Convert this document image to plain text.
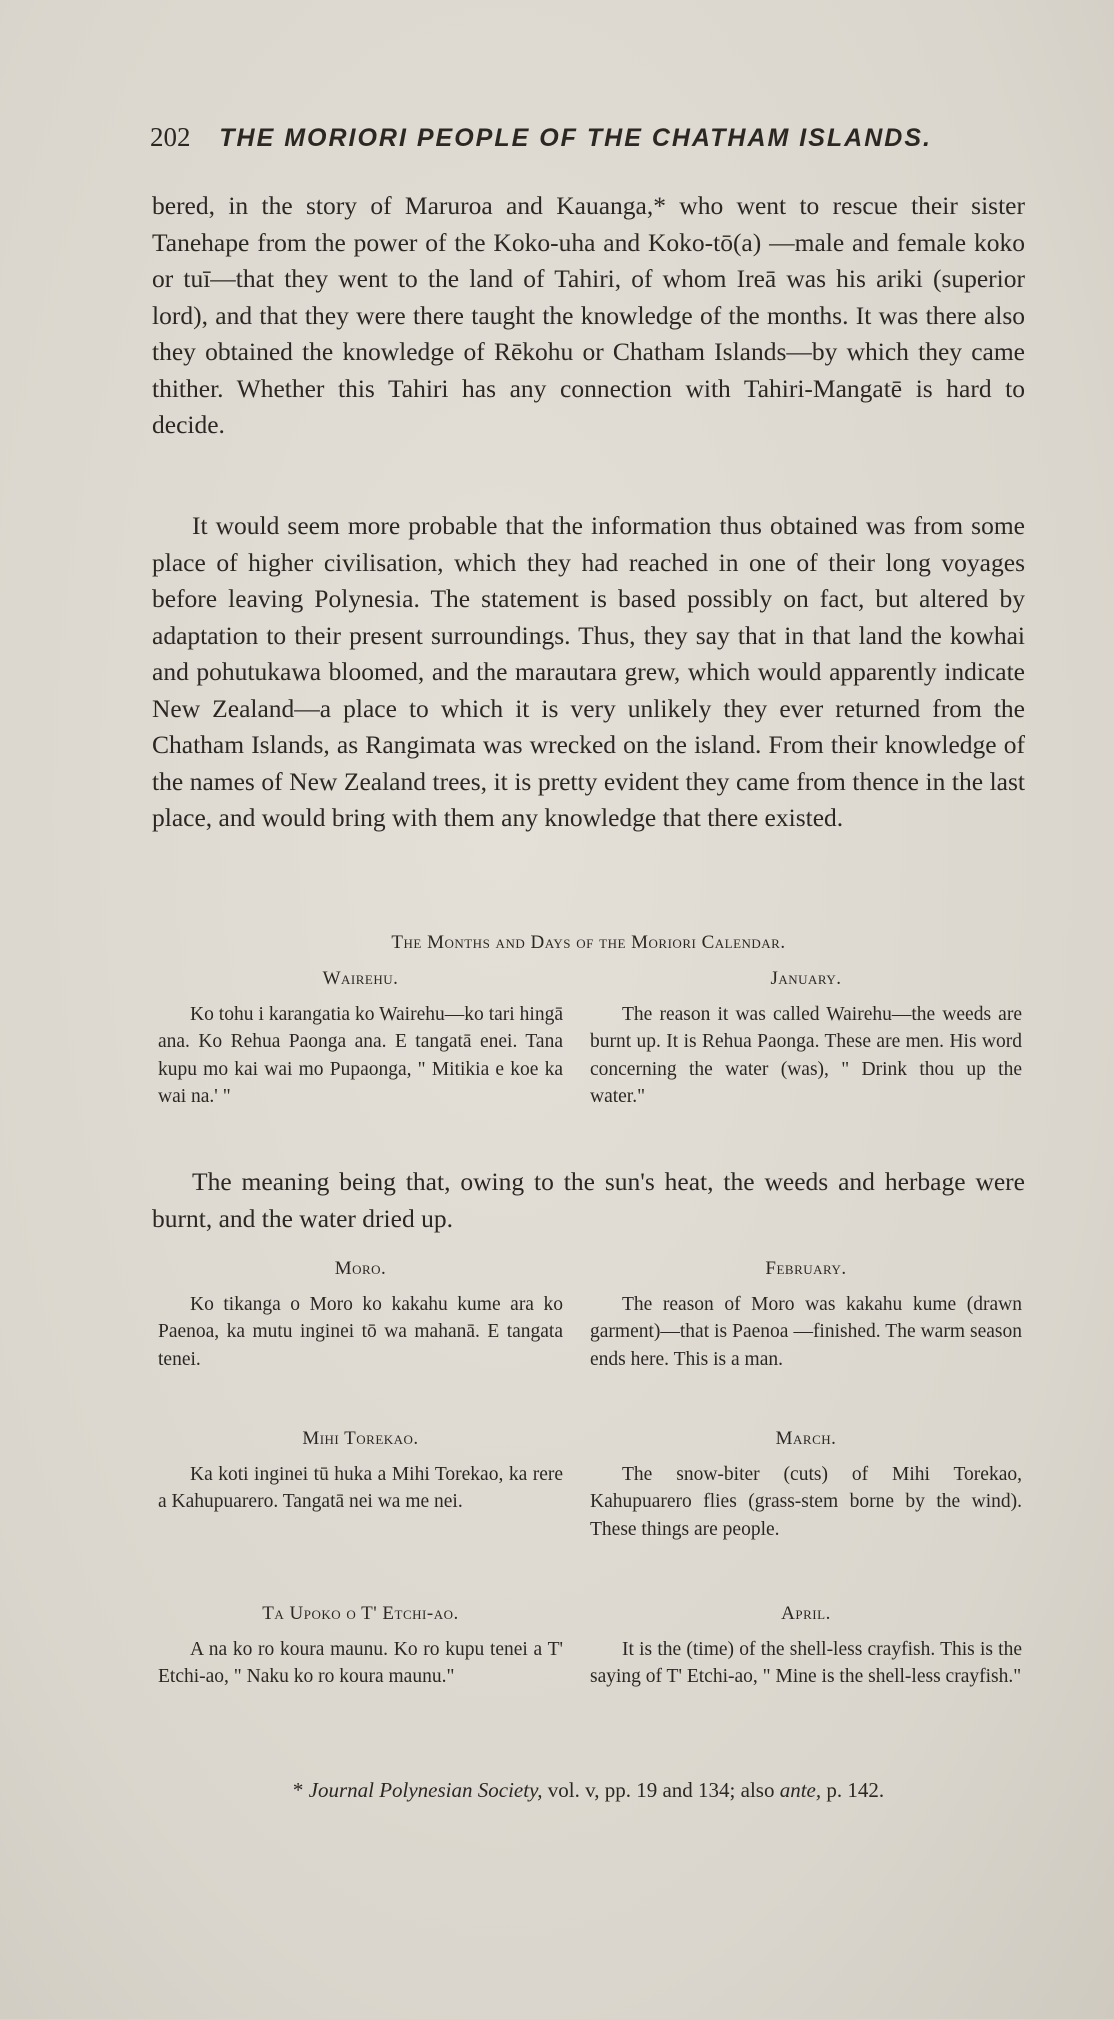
202 THE MORIORI PEOPLE OF THE CHATHAM ISLANDS.
bered, in the story of Maruroa and Kauanga,* who went to rescue their sister Tanehape from the power of the Koko-uha and Koko-tō(a) —male and female koko or tuī—that they went to the land of Tahiri, of whom Ireā was his ariki (superior lord), and that they were there taught the knowledge of the months. It was there also they obtained the knowledge of Rēkohu or Chatham Islands—by which they came thither. Whether this Tahiri has any connection with Tahiri-Mangatē is hard to decide.
It would seem more probable that the information thus obtained was from some place of higher civilisation, which they had reached in one of their long voyages before leaving Polynesia. The statement is based possibly on fact, but altered by adaptation to their present surroundings. Thus, they say that in that land the kowhai and pohutukawa bloomed, and the marautara grew, which would apparently indicate New Zealand—a place to which it is very unlikely they ever returned from the Chatham Islands, as Rangimata was wrecked on the island. From their knowledge of the names of New Zealand trees, it is pretty evident they came from thence in the last place, and would bring with them any knowledge that there existed.
The Months and Days of the Moriori Calendar.
Wairehu.
Ko tohu i karangatia ko Wairehu—ko tari hingā ana. Ko Rehua Paonga ana. E tangatā enei. Tana kupu mo kai wai mo Pupaonga, " Mitikia e koe ka wai na.' "
January.
The reason it was called Wairehu—the weeds are burnt up. It is Rehua Paonga. These are men. His word concerning the water (was), " Drink thou up the water."
The meaning being that, owing to the sun's heat, the weeds and herbage were burnt, and the water dried up.
Moro.
Ko tikanga o Moro ko kakahu kume ara ko Paenoa, ka mutu inginei tō wa mahanā. E tangata tenei.
February.
The reason of Moro was kakahu kume (drawn garment)—that is Paenoa —finished. The warm season ends here. This is a man.
Mihi Torekao.
Ka koti inginei tū huka a Mihi Torekao, ka rere a Kahupuarero. Tangatā nei wa me nei.
March.
The snow-biter (cuts) of Mihi Torekao, Kahupuarero flies (grass-stem borne by the wind). These things are people.
Ta Upoko o T' Etchi-ao.
A na ko ro koura maunu. Ko ro kupu tenei a T' Etchi-ao, " Naku ko ro koura maunu."
April.
It is the (time) of the shell-less crayfish. This is the saying of T' Etchi-ao, " Mine is the shell-less crayfish."
* Journal Polynesian Society, vol. v, pp. 19 and 134; also ante, p. 142.
